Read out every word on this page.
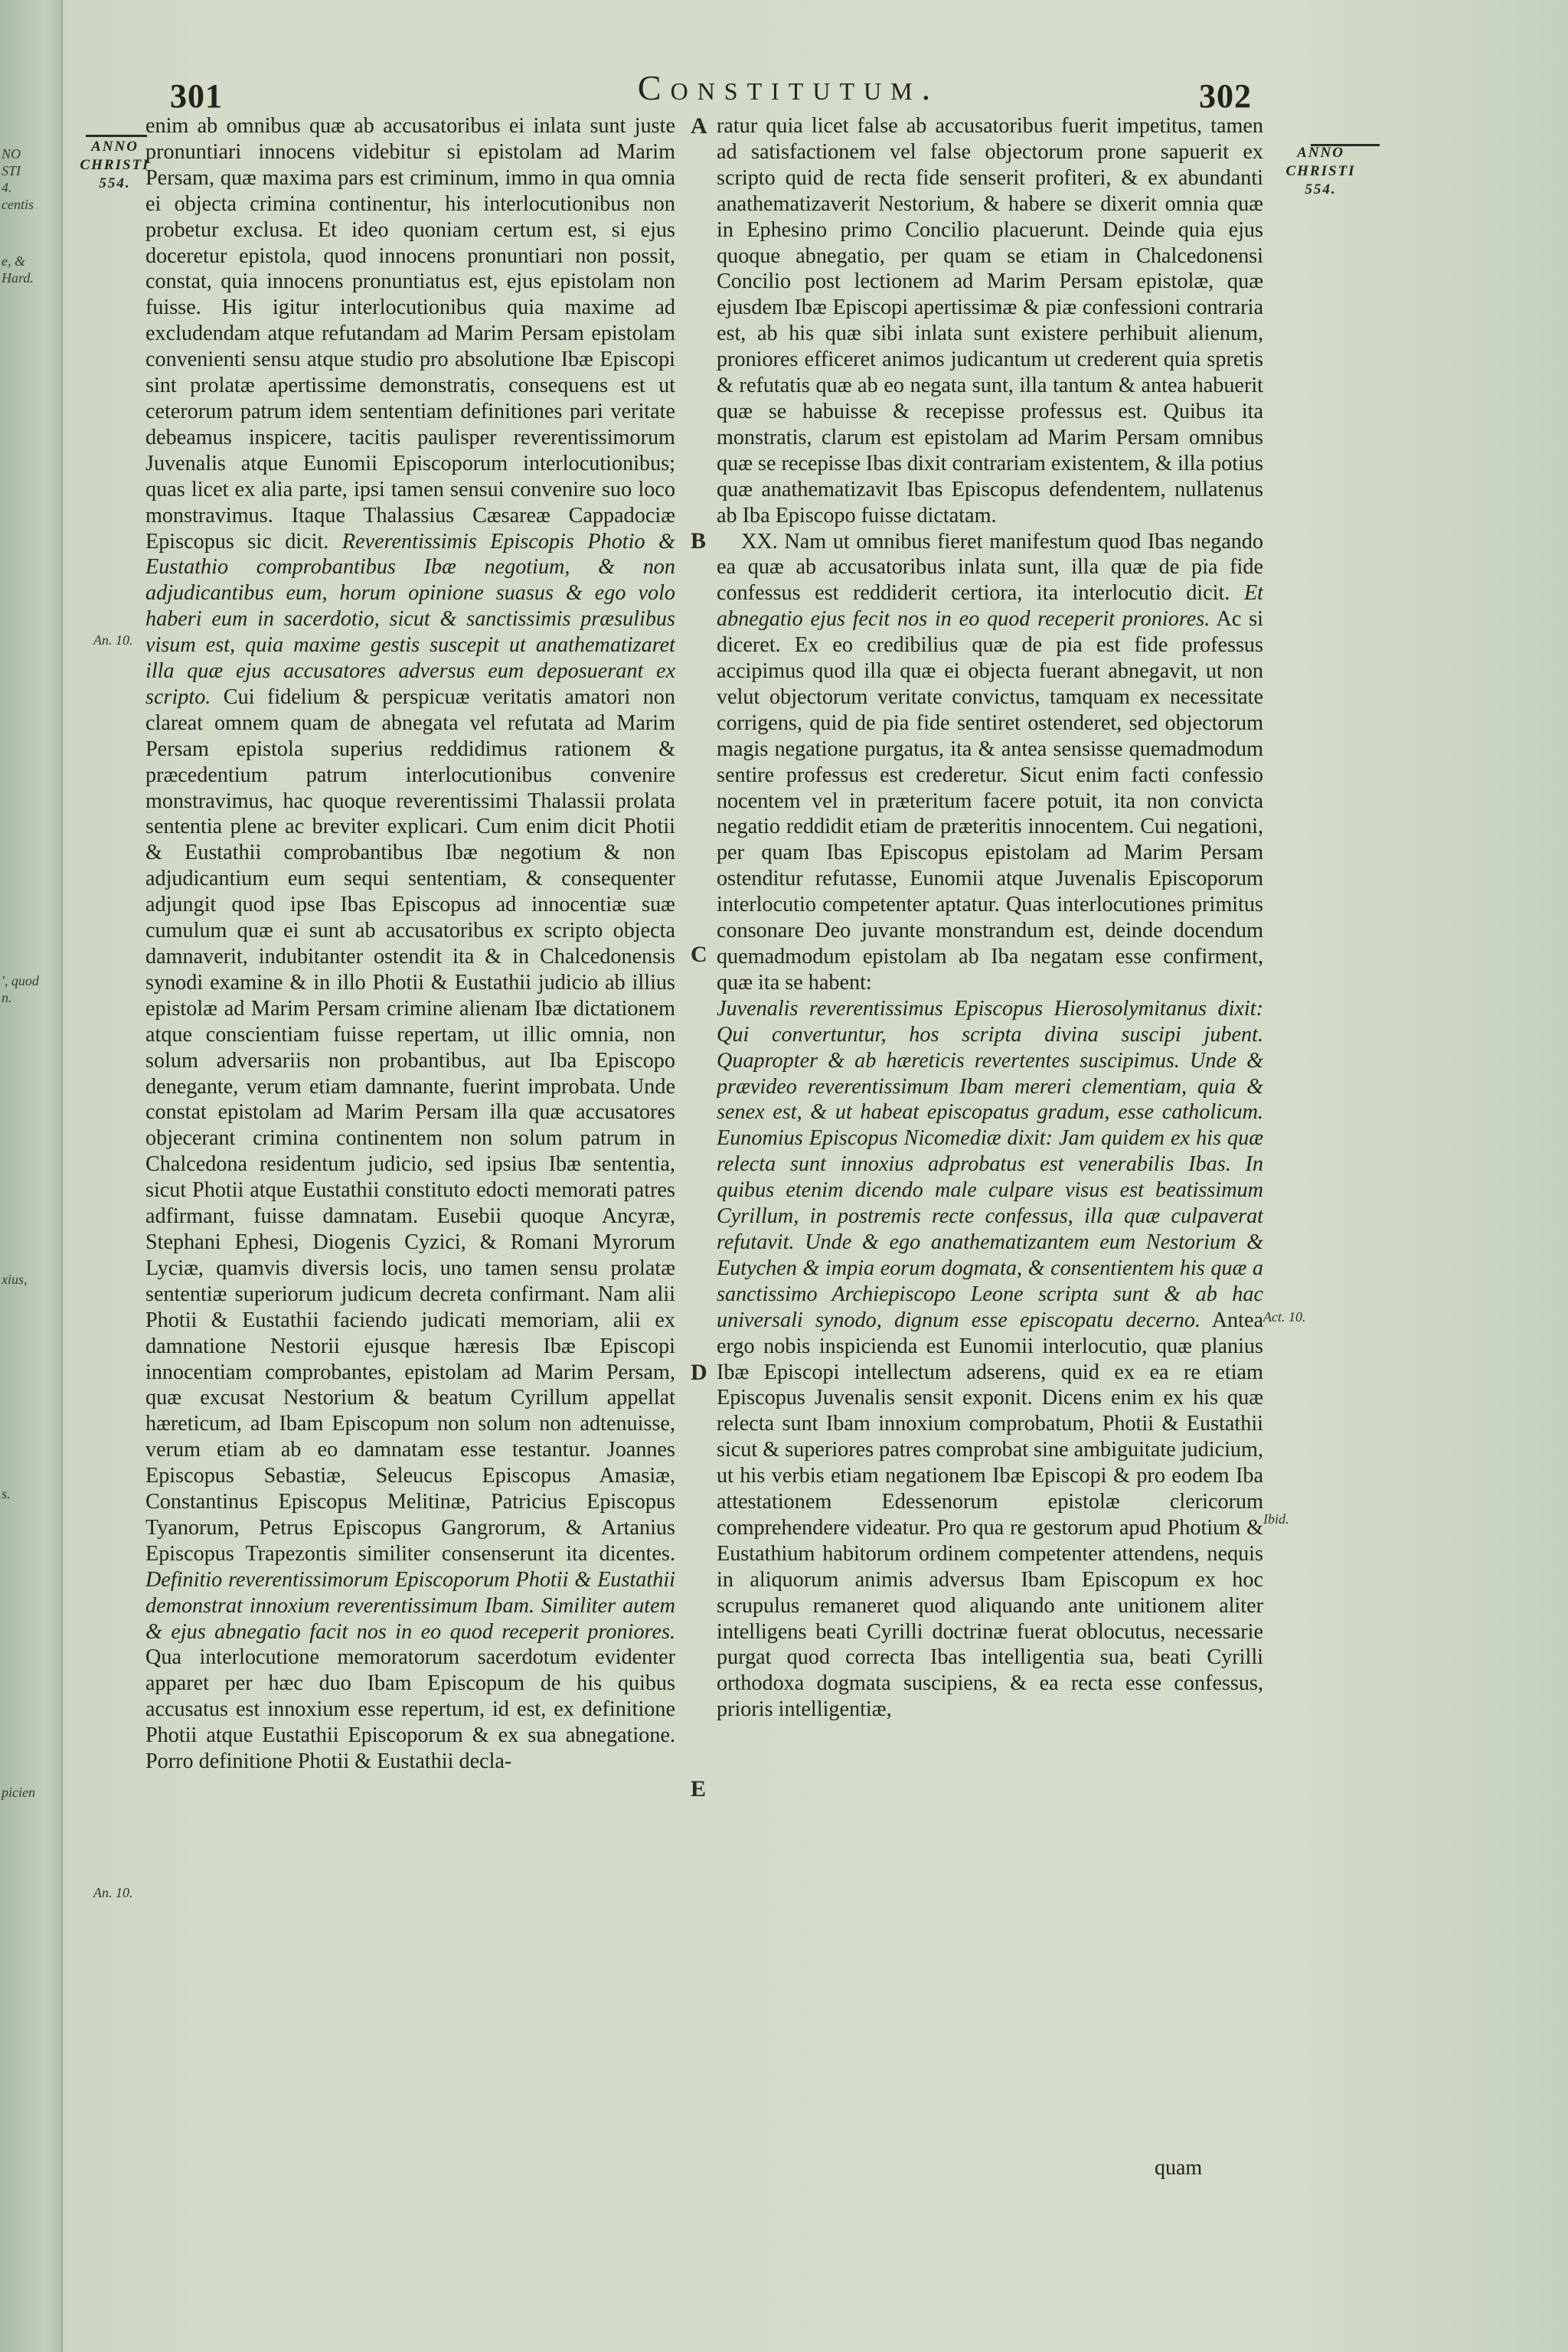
NO
STI
4.
centis
e, &
Hard.
', quod
n.
xius,
s.
picien
301	Constitutum.	302
ANNO
CHRISTI
554.
An. 10.
An. 10.
ANNO
CHRISTI
554.
Act. 10.
Ibid.
A
B
C
D
E

enim ab omnibus quæ ab accusatoribus ei inlata sunt juste pronuntiari innocens videbitur si epistolam ad Marim Persam, quæ maxima pars est criminum, immo in qua omnia ei objecta crimina continentur, his interlocutionibus non probetur exclusa. Et ideo quoniam certum est, si ejus doceretur epistola, quod innocens pronuntiari non possit, constat, quia innocens pronuntiatus est, ejus epistolam non fuisse. His igitur interlocutionibus quia maxime ad excludendam atque refutandam ad Marim Persam epistolam convenienti sensu atque studio pro absolutione Ibæ Episcopi sint prolatæ apertissime demonstratis, consequens est ut ceterorum patrum idem sententiam definitiones pari veritate debeamus inspicere, tacitis paulisper reverentissimorum Juvenalis atque Eunomii Episcoporum interlocutionibus; quas licet ex alia parte, ipsi tamen sensui convenire suo loco monstravimus. Itaque Thalassius Cæsareæ Cappadociæ Episcopus sic dicit. Reverentissimis Episcopis Photio & Eustathio comprobantibus Ibæ negotium, & non adjudicantibus eum, horum opinione suasus & ego volo haberi eum in sacerdotio, sicut & sanctissimis præsulibus visum est, quia maxime gestis suscepit ut anathematizaret illa quæ ejus accusatores adversus eum deposuerant ex scripto. Cui fidelium & perspicuæ veritatis amatori non clareat omnem quam de abnegata vel refutata ad Marim Persam epistola superius reddidimus rationem & præcedentium patrum interlocutionibus convenire monstravimus, hac quoque reverentissimi Thalassii prolata sententia plene ac breviter explicari. Cum enim dicit Photii & Eustathii comprobantibus Ibæ negotium & non adjudicantium eum sequi sententiam, & consequenter adjungit quod ipse Ibas Episcopus ad innocentiæ suæ cumulum quæ ei sunt ab accusatoribus ex scripto objecta damnaverit, indubitanter ostendit ita & in Chalcedonensis synodi examine & in illo Photii & Eustathii judicio ab illius epistolæ ad Marim Persam crimine alienam Ibæ dictationem atque conscientiam fuisse repertam, ut illic omnia, non solum adversariis non probantibus, aut Iba Episcopo denegante, verum etiam damnante, fuerint improbata. Unde constat epistolam ad Marim Persam illa quæ accusatores objecerant crimina continentem non solum patrum in Chalcedona residentum judicio, sed ipsius Ibæ sententia, sicut Photii atque Eustathii constituto edocti memorati patres adfirmant, fuisse damnatam. Eusebii quoque Ancyræ, Stephani Ephesi, Diogenis Cyzici, & Romani Myrorum Lyciæ, quamvis diversis locis, uno tamen sensu prolatæ sententiæ superiorum judicum decreta confirmant. Nam alii Photii & Eustathii faciendo judicati memoriam, alii ex damnatione Nestorii ejusque hæresis Ibæ Episcopi innocentiam comprobantes, epistolam ad Marim Persam, quæ excusat Nestorium & beatum Cyrillum appellat hæreticum, ad Ibam Episcopum non solum non adtenuisse, verum etiam ab eo damnatam esse testantur. Joannes Episcopus Sebastiæ, Seleucus Episcopus Amasiæ, Constantinus Episcopus Melitinæ, Patricius Episcopus Tyanorum, Petrus Episcopus Gangrorum, & Artanius Episcopus Trapezontis similiter consenserunt ita dicentes. Definitio reverentissimorum Episcoporum Photii & Eustathii demonstrat innoxium reverentissimum Ibam. Similiter autem & ejus abnegatio facit nos in eo quod receperit proniores. Qua interlocutione memoratorum sacerdotum evidenter apparet per hæc duo Ibam Episcopum de his quibus accusatus est innoxium esse repertum, id est, ex definitione Photii atque Eustathii Episcoporum & ex sua abnegatione. Porro definitione Photii & Eustathii decla-

ratur quia licet false ab accusatoribus fuerit impetitus, tamen ad satisfactionem vel false objectorum prone sapuerit ex scripto quid de recta fide senserit profiteri, & ex abundanti anathematizaverit Nestorium, & habere se dixerit omnia quæ in Ephesino primo Concilio placuerunt. Deinde quia ejus quoque abnegatio, per quam se etiam in Chalcedonensi Concilio post lectionem ad Marim Persam epistolæ, quæ ejusdem Ibæ Episcopi apertissimæ & piæ confessioni contraria est, ab his quæ sibi inlata sunt existere perhibuit alienum, proniores efficeret animos judicantum ut crederent quia spretis & refutatis quæ ab eo negata sunt, illa tantum & antea habuerit quæ se habuisse & recepisse professus est. Quibus ita monstratis, clarum est epistolam ad Marim Persam omnibus quæ se recepisse Ibas dixit contrariam existentem, & illa potius quæ anathematizavit Ibas Episcopus defendentem, nullatenus ab Iba Episcopo fuisse dictatam.

XX. Nam ut omnibus fieret manifestum quod Ibas negando ea quæ ab accusatoribus inlata sunt, illa quæ de pia fide confessus est reddiderit certiora, ita interlocutio dicit. Et abnegatio ejus fecit nos in eo quod receperit proniores. Ac si diceret. Ex eo credibilius quæ de pia est fide professus accipimus quod illa quæ ei objecta fuerant abnegavit, ut non velut objectorum veritate convictus, tamquam ex necessitate corrigens, quid de pia fide sentiret ostenderet, sed objectorum magis negatione purgatus, ita & antea sensisse quemadmodum sentire professus est crederetur. Sicut enim facti confessio nocentem vel in præteritum facere potuit, ita non convicta negatio reddidit etiam de præteritis innocentem. Cui negationi, per quam Ibas Episcopus epistolam ad Marim Persam ostenditur refutasse, Eunomii atque Juvenalis Episcoporum interlocutio competenter aptatur. Quas interlocutiones primitus consonare Deo juvante monstrandum est, deinde docendum quemadmodum epistolam ab Iba negatam esse confirment, quæ ita se habent:

Juvenalis reverentissimus Episcopus Hierosolymitanus dixit: Qui convertuntur, hos scripta divina suscipi jubent. Quapropter & ab hæreticis revertentes suscipimus. Unde & prævideo reverentissimum Ibam mereri clementiam, quia & senex est, & ut habeat episcopatus gradum, esse catholicum. Eunomius Episcopus Nicomediæ dixit: Jam quidem ex his quæ relecta sunt innoxius adprobatus est venerabilis Ibas. In quibus etenim dicendo male culpare visus est beatissimum Cyrillum, in postremis recte confessus, illa quæ culpaverat refutavit. Unde & ego anathematizantem eum Nestorium & Eutychen & impia eorum dogmata, & consentientem his quæ a sanctissimo Archiepiscopo Leone scripta sunt & ab hac universali synodo, dignum esse episcopatu decerno. Antea ergo nobis inspicienda est Eunomii interlocutio, quæ planius Ibæ Episcopi intellectum adserens, quid ex ea re etiam Episcopus Juvenalis sensit exponit. Dicens enim ex his quæ relecta sunt Ibam innoxium comprobatum, Photii & Eustathii sicut & superiores patres comprobat sine ambiguitate judicium, ut his verbis etiam negationem Ibæ Episcopi & pro eodem Iba attestationem Edessenorum epistolæ clericorum comprehendere videatur. Pro qua re gestorum apud Photium & Eustathium habitorum ordinem competenter attendens, nequis in aliquorum animis adversus Ibam Episcopum ex hoc scrupulus remaneret quod aliquando ante unitionem aliter intelligens beati Cyrilli doctrinæ fuerat oblocutus, necessarie purgat quod correcta Ibas intelligentia sua, beati Cyrilli orthodoxa dogmata suscipiens, & ea recta esse confessus, prioris intelligentiæ,

quam
